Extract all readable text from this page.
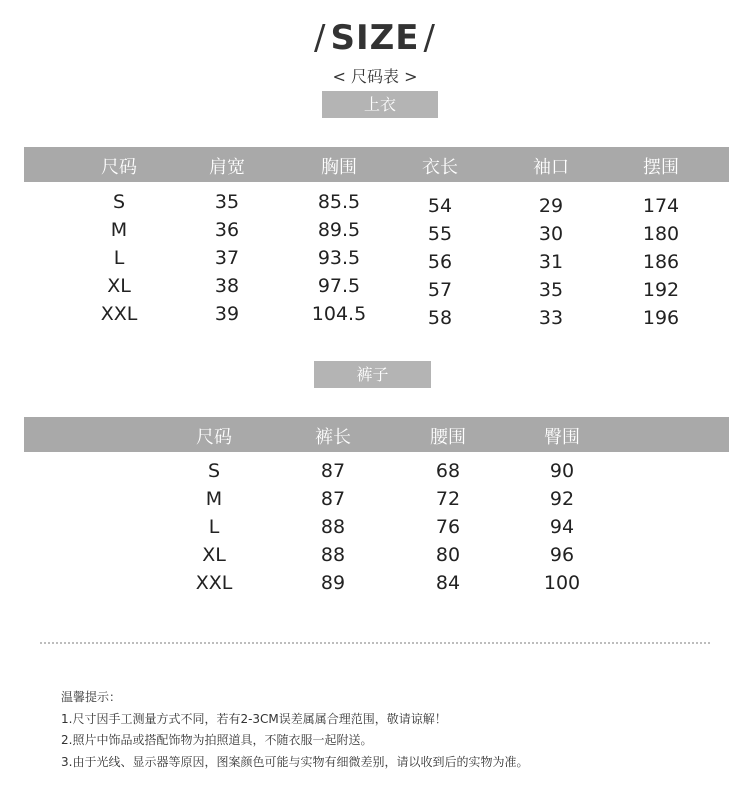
/ SIZE /
< 尺码表 >
上衣
尺码	肩宽	胸围	衣长	袖口	摆围
S	35	85.5	54	29	174
M	36	89.5	55	30	180
L	37	93.5	56	31	186
XL	38	97.5	57	35	192
XXL	39	104.5	58	33	196
裤子
尺码	裤长	腰围	臀围
S	87	68	90
M	87	72	92
L	88	76	94
XL	88	80	96
XXL	89	84	100
温馨提示：
1.尺寸因手工测量方式不同，若有2-3CM误差属属合理范围，敬请谅解！
2.照片中饰品或搭配饰物为拍照道具，不随衣服一起附送。
3.由于光线、显示器等原因，图案颜色可能与实物有细微差别，请以收到后的实物为准。
